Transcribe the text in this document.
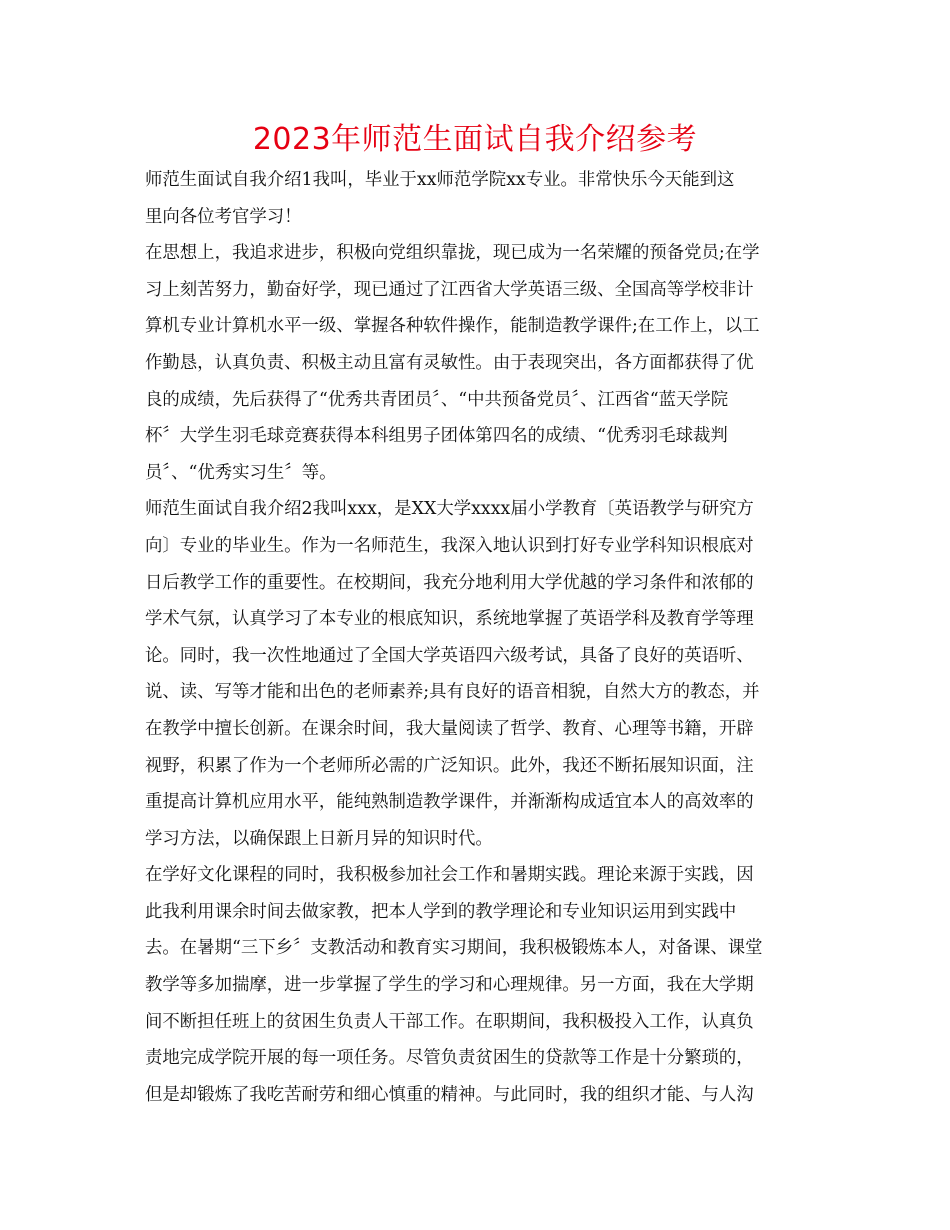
2023年师范生面试自我介绍参考
师范生面试自我介绍1我叫，毕业于xx师范学院xx专业。非常快乐今天能到这
里向各位考官学习！
在思想上，我追求进步，积极向党组织靠拢，现已成为一名荣耀的预备党员;在学
习上刻苦努力，勤奋好学，现已通过了江西省大学英语三级、全国高等学校非计
算机专业计算机水平一级、掌握各种软件操作，能制造教学课件;在工作上，以工
作勤恳，认真负责、积极主动且富有灵敏性。由于表现突出，各方面都获得了优
良的成绩，先后获得了“优秀共青团员〞、“中共预备党员〞、江西省“蓝天学院
杯〞大学生羽毛球竞赛获得本科组男子团体第四名的成绩、“优秀羽毛球裁判
员〞、“优秀实习生〞等。
师范生面试自我介绍2我叫xxx，是XX大学xxxx届小学教育〔英语教学与研究方
向〕专业的毕业生。作为一名师范生，我深入地认识到打好专业学科知识根底对
日后教学工作的重要性。在校期间，我充分地利用大学优越的学习条件和浓郁的
学术气氛，认真学习了本专业的根底知识，系统地掌握了英语学科及教育学等理
论。同时，我一次性地通过了全国大学英语四六级考试，具备了良好的英语听、
说、读、写等才能和出色的老师素养;具有良好的语音相貌，自然大方的教态，并
在教学中擅长创新。在课余时间，我大量阅读了哲学、教育、心理等书籍，开辟
视野，积累了作为一个老师所必需的广泛知识。此外，我还不断拓展知识面，注
重提高计算机应用水平，能纯熟制造教学课件，并渐渐构成适宜本人的高效率的
学习方法，以确保跟上日新月异的知识时代。
在学好文化课程的同时，我积极参加社会工作和暑期实践。理论来源于实践，因
此我利用课余时间去做家教，把本人学到的教学理论和专业知识运用到实践中
去。在暑期“三下乡〞支教活动和教育实习期间，我积极锻炼本人，对备课、课堂
教学等多加揣摩，进一步掌握了学生的学习和心理规律。另一方面，我在大学期
间不断担任班上的贫困生负责人干部工作。在职期间，我积极投入工作，认真负
责地完成学院开展的每一项任务。尽管负责贫困生的贷款等工作是十分繁琐的，
但是却锻炼了我吃苦耐劳和细心慎重的精神。与此同时，我的组织才能、与人沟
